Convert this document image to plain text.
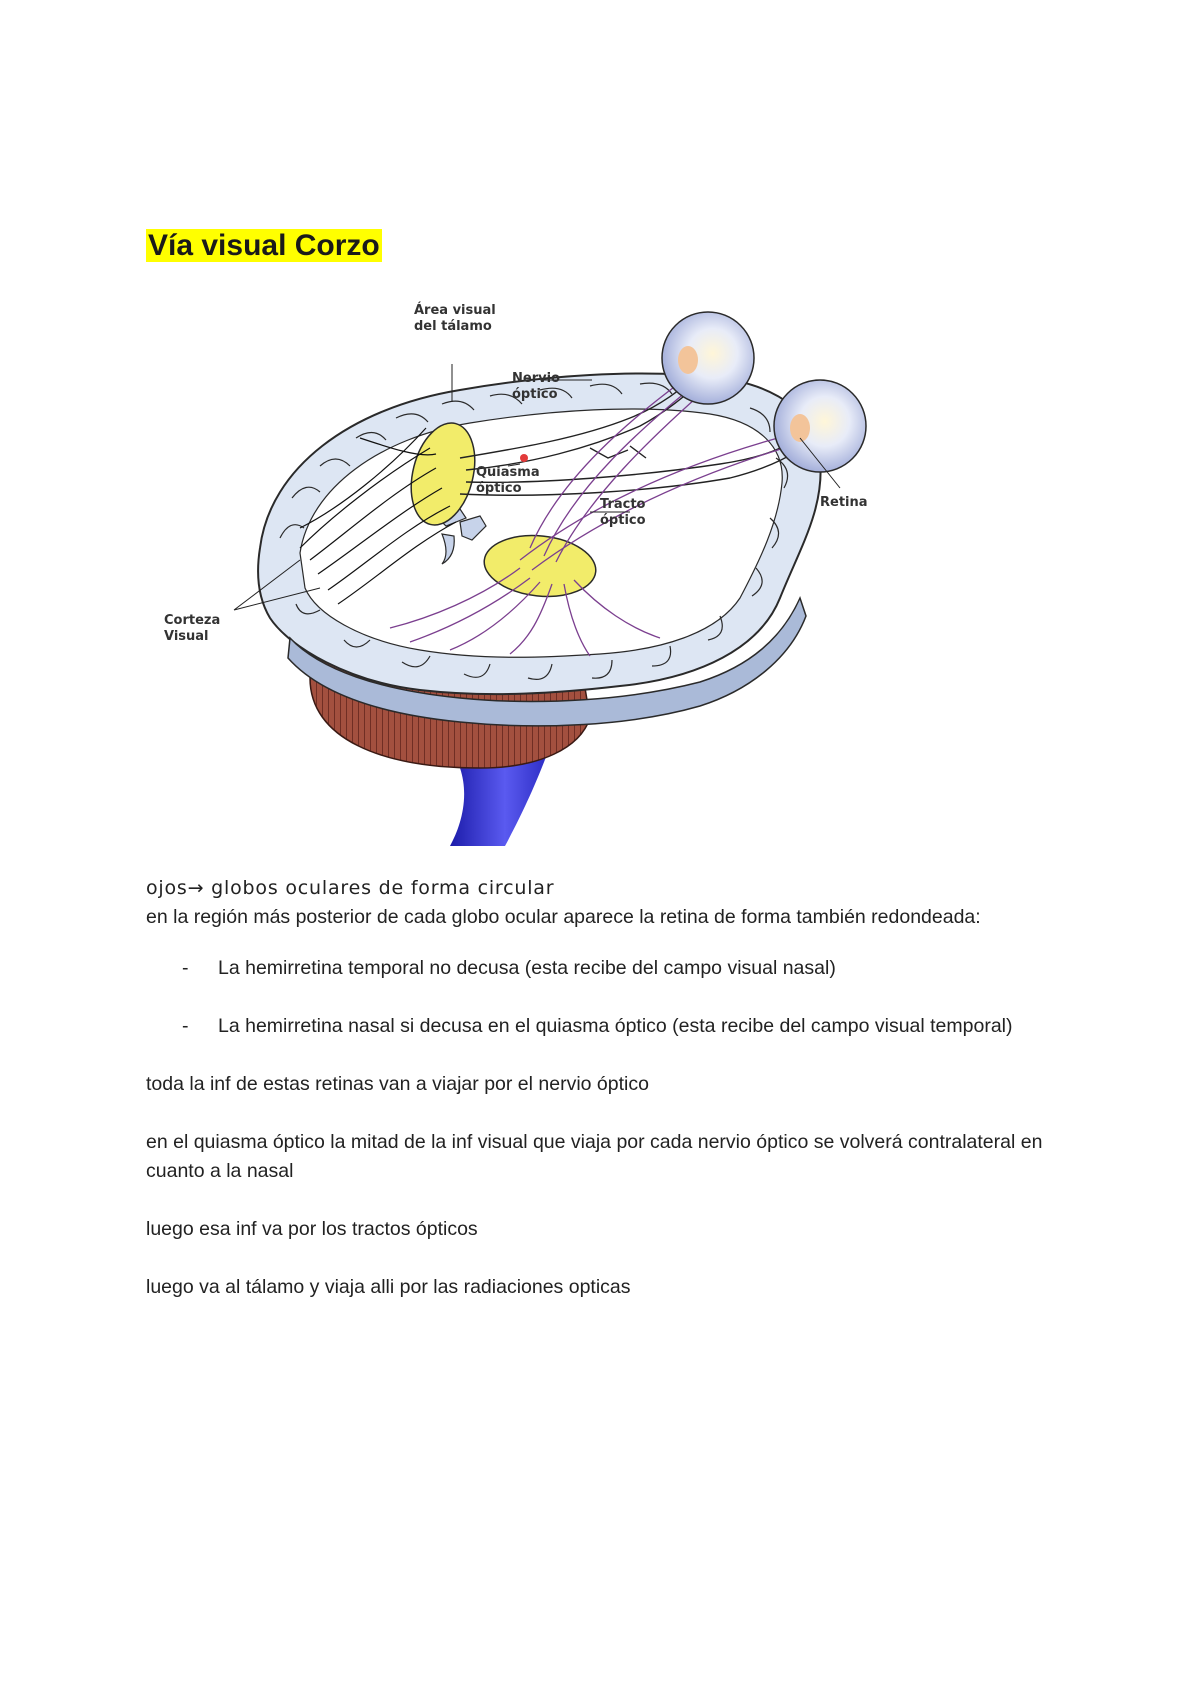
Vía visual Corzo
Área visual
del tálamo
Nervio
óptico
Quiasma
óptico
Tracto
óptico
Retina
Corteza
Visual

ojos→ globos oculares de forma circular

en la región más posterior de cada globo ocular aparece la retina de forma también redondeada:

- La hemirretina temporal no decusa (esta recibe del campo visual nasal)
- La hemirretina nasal si decusa en el quiasma óptico (esta recibe del campo visual temporal)

toda la inf de estas retinas van a viajar por el nervio óptico

en el quiasma óptico la mitad de la inf visual que viaja por cada nervio óptico se volverá contralateral en cuanto a la nasal

luego esa inf va por los tractos ópticos

luego va al tálamo y viaja alli por las radiaciones opticas
